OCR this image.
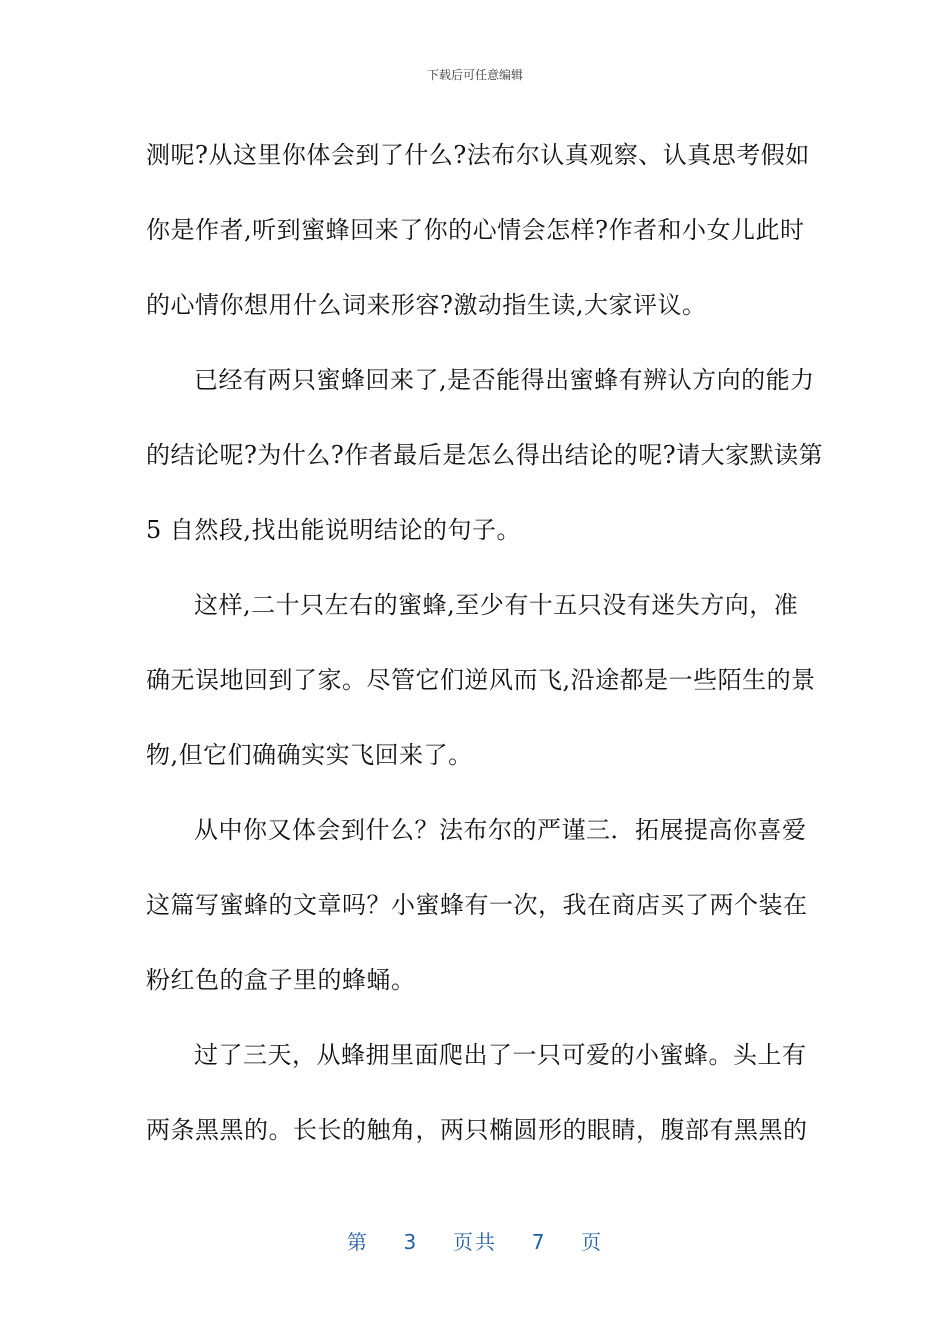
下载后可任意编辑
测呢?从这里你体会到了什么?法布尔认真观察、认真思考假如
你是作者,听到蜜蜂回来了你的心情会怎样?作者和小女儿此时
的心情你想用什么词来形容?激动指生读,大家评议。
已经有两只蜜蜂回来了,是否能得出蜜蜂有辨认方向的能力
的结论呢?为什么?作者最后是怎么得出结论的呢?请大家默读第
5 自然段,找出能说明结论的句子。
这样,二十只左右的蜜蜂,至少有十五只没有迷失方向，准
确无误地回到了家。尽管它们逆风而飞,沿途都是一些陌生的景
物,但它们确确实实飞回来了。
从中你又体会到什么？法布尔的严谨三．拓展提高你喜爱
这篇写蜜蜂的文章吗？小蜜蜂有一次，我在商店买了两个装在
粉红色的盒子里的蜂蛹。
过了三天，从蜂拥里面爬出了一只可爱的小蜜蜂。头上有
两条黑黑的。长长的触角，两只椭圆形的眼睛，腹部有黑黑的
第 3 页共 7 页
